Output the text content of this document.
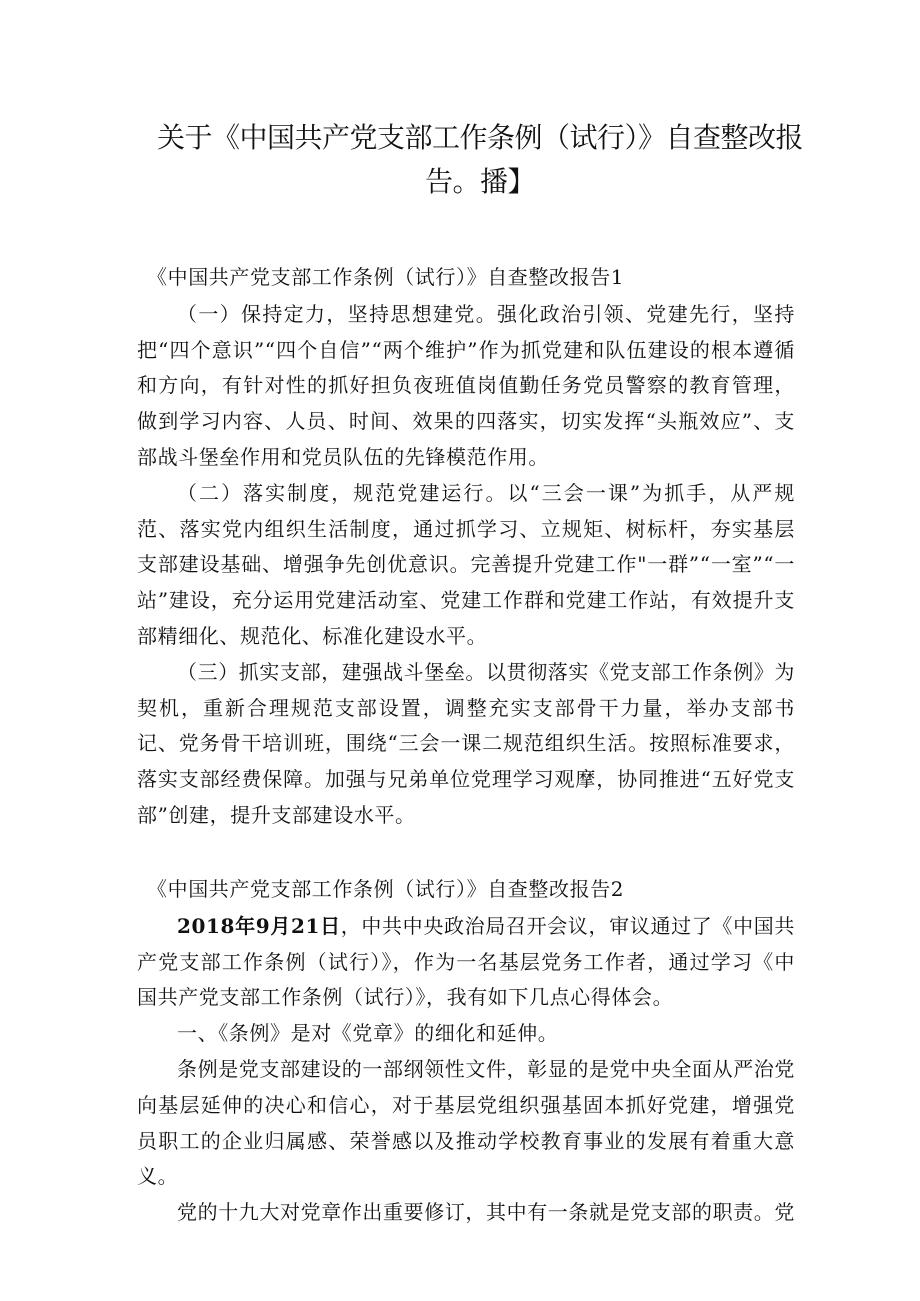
关于《中国共产党支部工作条例（试行）》自查整改报告。播】

《中国共产党支部工作条例（试行）》自查整改报告1

（一）保持定力，坚持思想建党。强化政治引领、党建先行，坚持把“四个意识”“四个自信”“两个维护”作为抓党建和队伍建设的根本遵循和方向，有针对性的抓好担负夜班值岗值勤任务党员警察的教育管理，做到学习内容、人员、时间、效果的四落实，切实发挥“头瓶效应”、支部战斗堡垒作用和党员队伍的先锋模范作用。

（二）落实制度，规范党建运行。以“三会一课”为抓手，从严规范、落实党内组织生活制度，通过抓学习、立规矩、树标杆，夯实基层支部建设基础、增强争先创优意识。完善提升党建工作"一群”“一室”“一站”建设，充分运用党建活动室、党建工作群和党建工作站，有效提升支部精细化、规范化、标准化建设水平。

（三）抓实支部，建强战斗堡垒。以贯彻落实《党支部工作条例》为契机，重新合理规范支部设置，调整充实支部骨干力量，举办支部书记、党务骨干培训班，围绕“三会一课二规范组织生活。按照标准要求，落实支部经费保障。加强与兄弟单位党理学习观摩，协同推进“五好党支部”创建，提升支部建设水平。

《中国共产党支部工作条例（试行）》自查整改报告2

2018年9月21日，中共中央政治局召开会议，审议通过了《中国共产党支部工作条例（试行）》，作为一名基层党务工作者，通过学习《中国共产党支部工作条例（试行）》，我有如下几点心得体会。

一、《条例》是对《党章》的细化和延伸。

条例是党支部建设的一部纲领性文件，彰显的是党中央全面从严治党向基层延伸的决心和信心，对于基层党组织强基固本抓好党建，增强党员职工的企业归属感、荣誉感以及推动学校教育事业的发展有着重大意义。

党的十九大对党章作出重要修订，其中有一条就是党支部的职责。党
